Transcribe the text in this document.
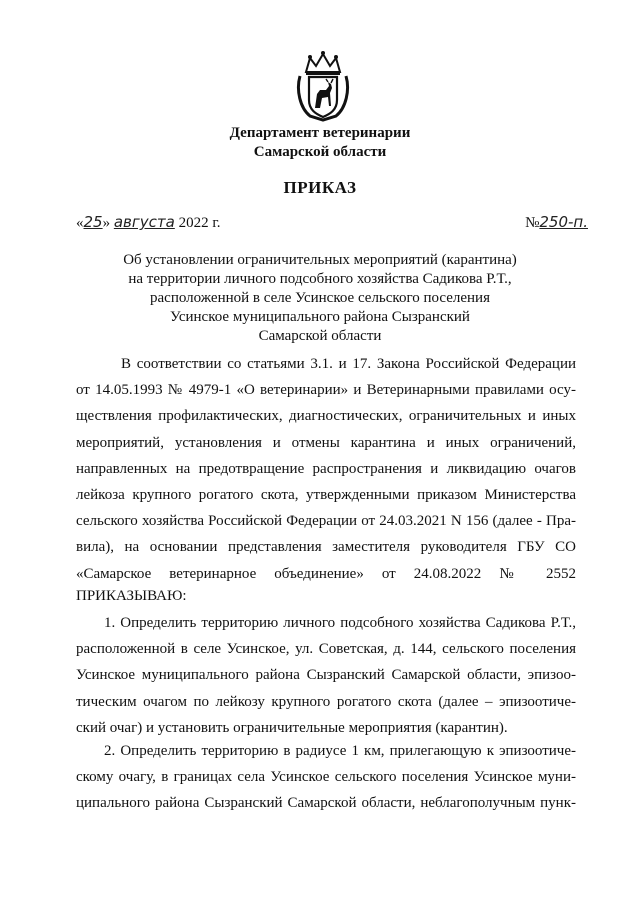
Департамент ветеринарии
Самарской области
ПРИКАЗ
«25» августа 2022 г.	№250-п.
Об установлении ограничительных мероприятий (карантина)
на территории личного подсобного хозяйства Садикова Р.Т.,
расположенной в селе Усинское сельского поселения
Усинское муниципального района Сызранский
Самарской области
В соответствии со статьями 3.1. и 17. Закона Российской Федерации
от 14.05.1993 № 4979-1 «О ветеринарии» и Ветеринарными правилами осу-
ществления профилактических, диагностических, ограничительных и иных
мероприятий, установления и отмены карантина и иных ограничений,
направленных на предотвращение распространения и ликвидацию очагов
лейкоза крупного рогатого скота, утвержденными приказом Министерства
сельского хозяйства Российской Федерации от 24.03.2021 N 156 (далее - Пра-
вила), на основании представления заместителя руководителя ГБУ СО
«Самарское ветеринарное объединение» от 24.08.2022 № 2552
ПРИКАЗЫВАЮ:
1. Определить территорию личного подсобного хозяйства Садикова Р.Т.,
расположенной в селе Усинское, ул. Советская, д. 144, сельского поселения
Усинское муниципального района Сызранский Самарской области, эпизоо-
тическим очагом по лейкозу крупного рогатого скота (далее – эпизоотиче-
ский очаг) и установить ограничительные мероприятия (карантин).
2. Определить территорию в радиусе 1 км, прилегающую к эпизоотиче-
скому очагу, в границах села Усинское сельского поселения Усинское муни-
ципального района Сызранский Самарской области, неблагополучным пунк-
